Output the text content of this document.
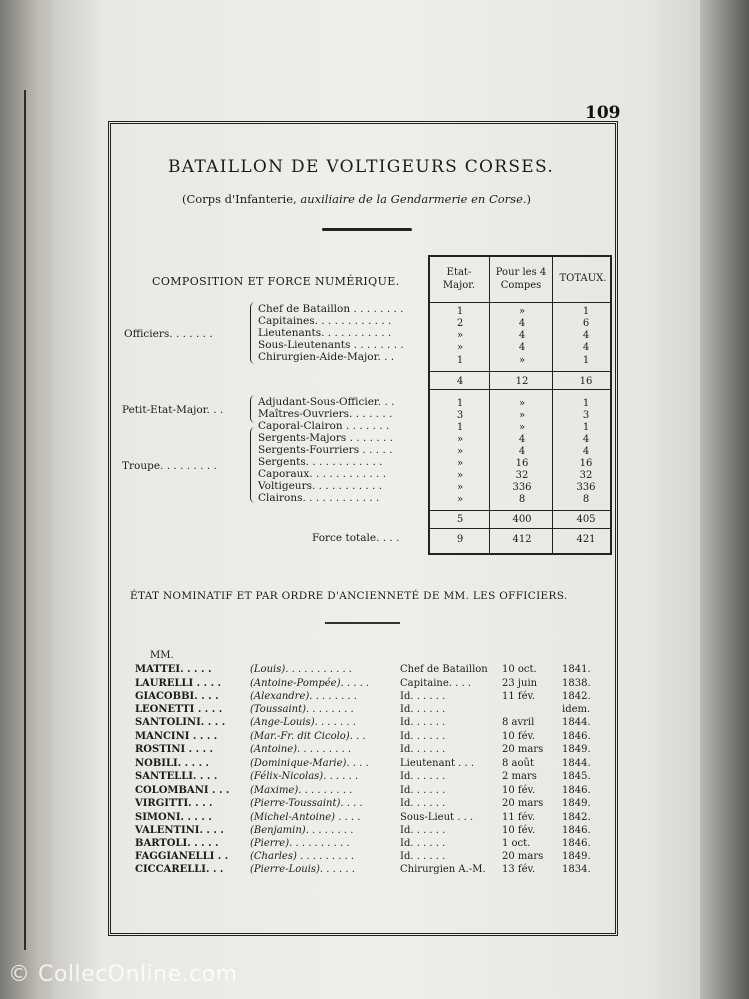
109
BATAILLON DE VOLTIGEURS CORSES.
(Corps d'Infanterie, auxiliaire de la Gendarmerie en Corse.)
COMPOSITION ET FORCE NUMÉRIQUE.
Etat-Major.
Pour les 4 Compes
TOTAUX.
Officiers. . . . . . .
Petit-Etat-Major. . .
Troupe. . . . . . . . .
Chef de Bataillon . . . . . . . .	1	»	1
Capitaines. . . . . . . . . . . .	2	4	6
Lieutenants. . . . . . . . . . .	»	4	4
Sous-Lieutenants . . . . . . . .	»	4	4
Chirurgien-Aide-Major. . .	1	»	1
4	12	16
Adjudant-Sous-Officier. . .	1	»	1
Maîtres-Ouvriers. . . . . . .	3	»	3
Caporal-Clairon . . . . . . .	1	»	1
Sergents-Majors . . . . . . .	»	4	4
Sergents-Fourriers . . . . .	»	4	4
Sergents. . . . . . . . . . . .	»	16	16
Caporaux. . . . . . . . . . . .	»	32	32
Voltigeurs. . . . . . . . . . .	»	336	336
Clairons. . . . . . . . . . . .	»	8	8
5	400	405
Force totale. . . .	9	412	421
ÉTAT NOMINATIF ET PAR ORDRE D'ANCIENNETÉ DE MM. LES OFFICIERS.
MM.
MATTEI. . . . .	(Louis). . . . . . . . . . .	Chef de Bataillon 10 oct.	1841.
LAURELLI . . . .	(Antoine-Pompée). . . . .	Capitaine. . . .	23 juin 1838.
GIACOBBI. . . .	(Alexandre). . . . . . . .	Id. . . . . .	11 fév.	1842.
LEONETTI . . . .	(Toussaint). . . . . . . .	Id. . . . . .	idem.
SANTOLINI. . . . (Ange-Louis). . . . . . .	Id. . . . . .	8 avril	1844.
MANCINI . . . .	(Mar.-Fr. dit Cicolo). . .	Id. . . . . .	10 fév.	1846.
ROSTINI . . . .	(Antoine). . . . . . . . .	Id. . . . . .	20 mars 1849.
NOBILI. . . . .	(Dominique-Marie). . . .	Lieutenant . . .	8 août	1844.
SANTELLI. . . .	(Félix-Nicolas). . . . . .	Id. . . . . .	2 mars	1845.
COLOMBANI . . . (Maxime). . . . . . . . .	Id. . . . . .	10 fév.	1846.
VIRGITTI. . . .	(Pierre-Toussaint). . . .	Id. . . . . .	20 mars 1849.
SIMONI. . . . .	(Michel-Antoine) . . . .	Sous-Lieut . . .	11 fév.	1842.
VALENTINI. . . .	(Benjamin). . . . . . . .	Id. . . . . .	10 fév.	1846.
BARTOLI. . . . .	(Pierre). . . . . . . . . .	Id. . . . . .	1 oct.	1846.
FAGGIANELLI . . (Charles) . . . . . . . . .	Id. . . . . .	20 mars 1849.
CICCARELLI. . .	(Pierre-Louis). . . . . .	Chirurgien A.-M. 13 fév.	1834.
© CollecOnline.com
